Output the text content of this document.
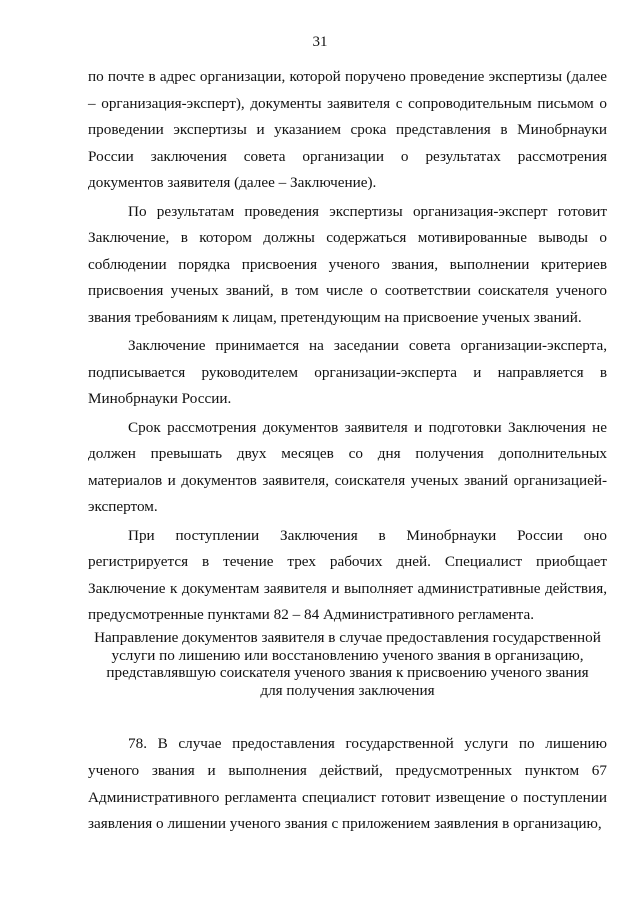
31

по почте в адрес организации, которой поручено проведение экспертизы (далее – организация-эксперт), документы заявителя с сопроводительным письмом о проведении экспертизы и указанием срока представления в Минобрнауки России заключения совета организации о результатах рассмотрения документов заявителя (далее – Заключение).

По результатам проведения экспертизы организация-эксперт готовит Заключение, в котором должны содержаться мотивированные выводы о соблюдении порядка присвоения ученого звания, выполнении критериев присвоения ученых званий, в том числе о соответствии соискателя ученого звания требованиям к лицам, претендующим на присвоение ученых званий.

Заключение принимается на заседании совета организации-эксперта, подписывается руководителем организации-эксперта и направляется в Минобрнауки России.

Срок рассмотрения документов заявителя и подготовки Заключения не должен превышать двух месяцев со дня получения дополнительных материалов и документов заявителя, соискателя ученых званий организацией-экспертом.

При поступлении Заключения в Минобрнауки России оно регистрируется в течение трех рабочих дней. Специалист приобщает Заключение к документам заявителя и выполняет административные действия, предусмотренные пунктами 82 – 84 Административного регламента.

Направление документов заявителя в случае предоставления государственной
услуги по лишению или восстановлению ученого звания в организацию,
представлявшую соискателя ученого звания к присвоению ученого звания
для получения заключения

78. В случае предоставления государственной услуги по лишению ученого звания и выполнения действий, предусмотренных пунктом 67 Административного регламента специалист готовит извещение о поступлении заявления о лишении ученого звания с приложением заявления в организацию,
